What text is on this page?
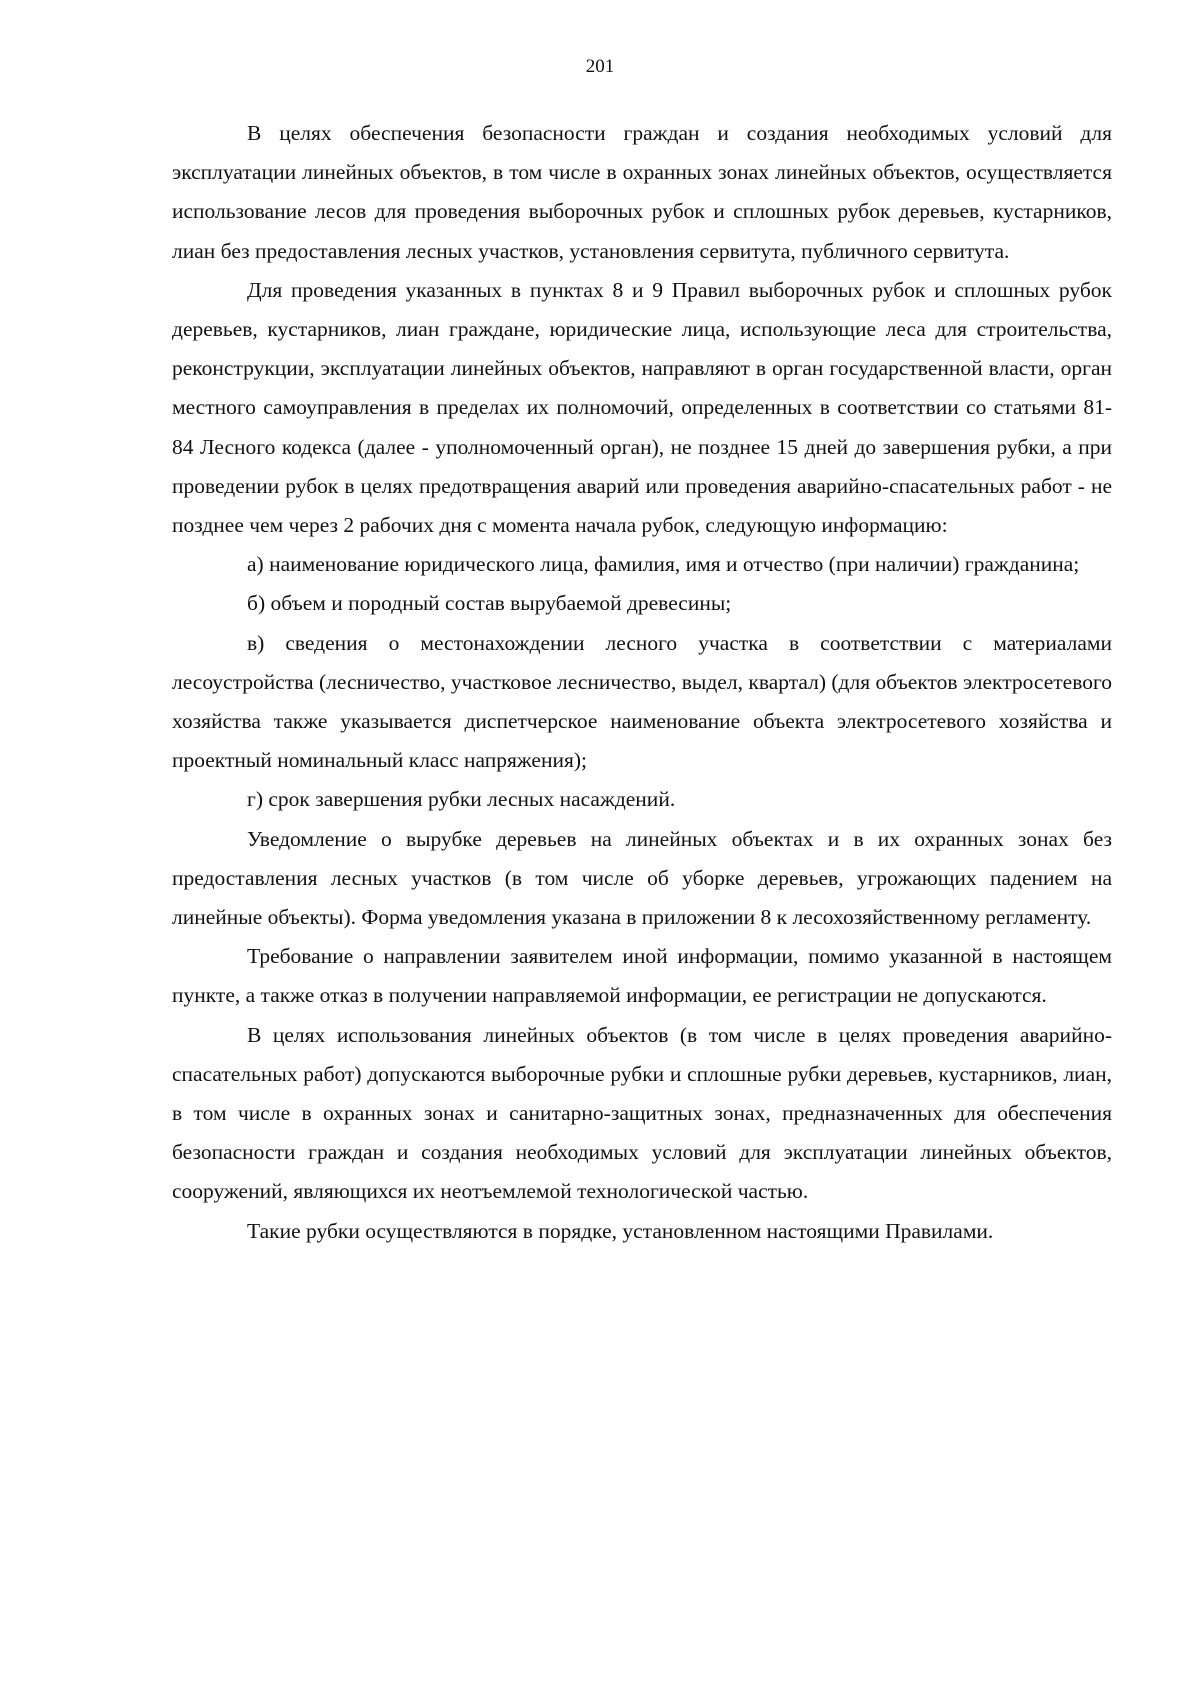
201

В целях обеспечения безопасности граждан и создания необходимых условий для эксплуатации линейных объектов, в том числе в охранных зонах линейных объектов, осуществляется использование лесов для проведения выборочных рубок и сплошных рубок деревьев, кустарников, лиан без предоставления лесных участков, установления сервитута, публичного сервитута.

Для проведения указанных в пунктах 8 и 9 Правил выборочных рубок и сплошных рубок деревьев, кустарников, лиан граждане, юридические лица, использующие леса для строительства, реконструкции, эксплуатации линейных объектов, направляют в орган государственной власти, орган местного самоуправления в пределах их полномочий, определенных в соответствии со статьями 81-84 Лесного кодекса (далее - уполномоченный орган), не позднее 15 дней до завершения рубки, а при проведении рубок в целях предотвращения аварий или проведения аварийно-спасательных работ - не позднее чем через 2 рабочих дня с момента начала рубок, следующую информацию:

а) наименование юридического лица, фамилия, имя и отчество (при наличии) гражданина;

б) объем и породный состав вырубаемой древесины;

в) сведения о местонахождении лесного участка в соответствии с материалами лесоустройства (лесничество, участковое лесничество, выдел, квартал) (для объектов электросетевого хозяйства также указывается диспетчерское наименование объекта электросетевого хозяйства и проектный номинальный класс напряжения);

г) срок завершения рубки лесных насаждений.

Уведомление о вырубке деревьев на линейных объектах и в их охранных зонах без предоставления лесных участков (в том числе об уборке деревьев, угрожающих падением на линейные объекты). Форма уведомления указана в приложении 8 к лесохозяйственному регламенту.

Требование о направлении заявителем иной информации, помимо указанной в настоящем пункте, а также отказ в получении направляемой информации, ее регистрации не допускаются.

В целях использования линейных объектов (в том числе в целях проведения аварийно-спасательных работ) допускаются выборочные рубки и сплошные рубки деревьев, кустарников, лиан, в том числе в охранных зонах и санитарно-защитных зонах, предназначенных для обеспечения безопасности граждан и создания необходимых условий для эксплуатации линейных объектов, сооружений, являющихся их неотъемлемой технологической частью.

Такие рубки осуществляются в порядке, установленном настоящими Правилами.
